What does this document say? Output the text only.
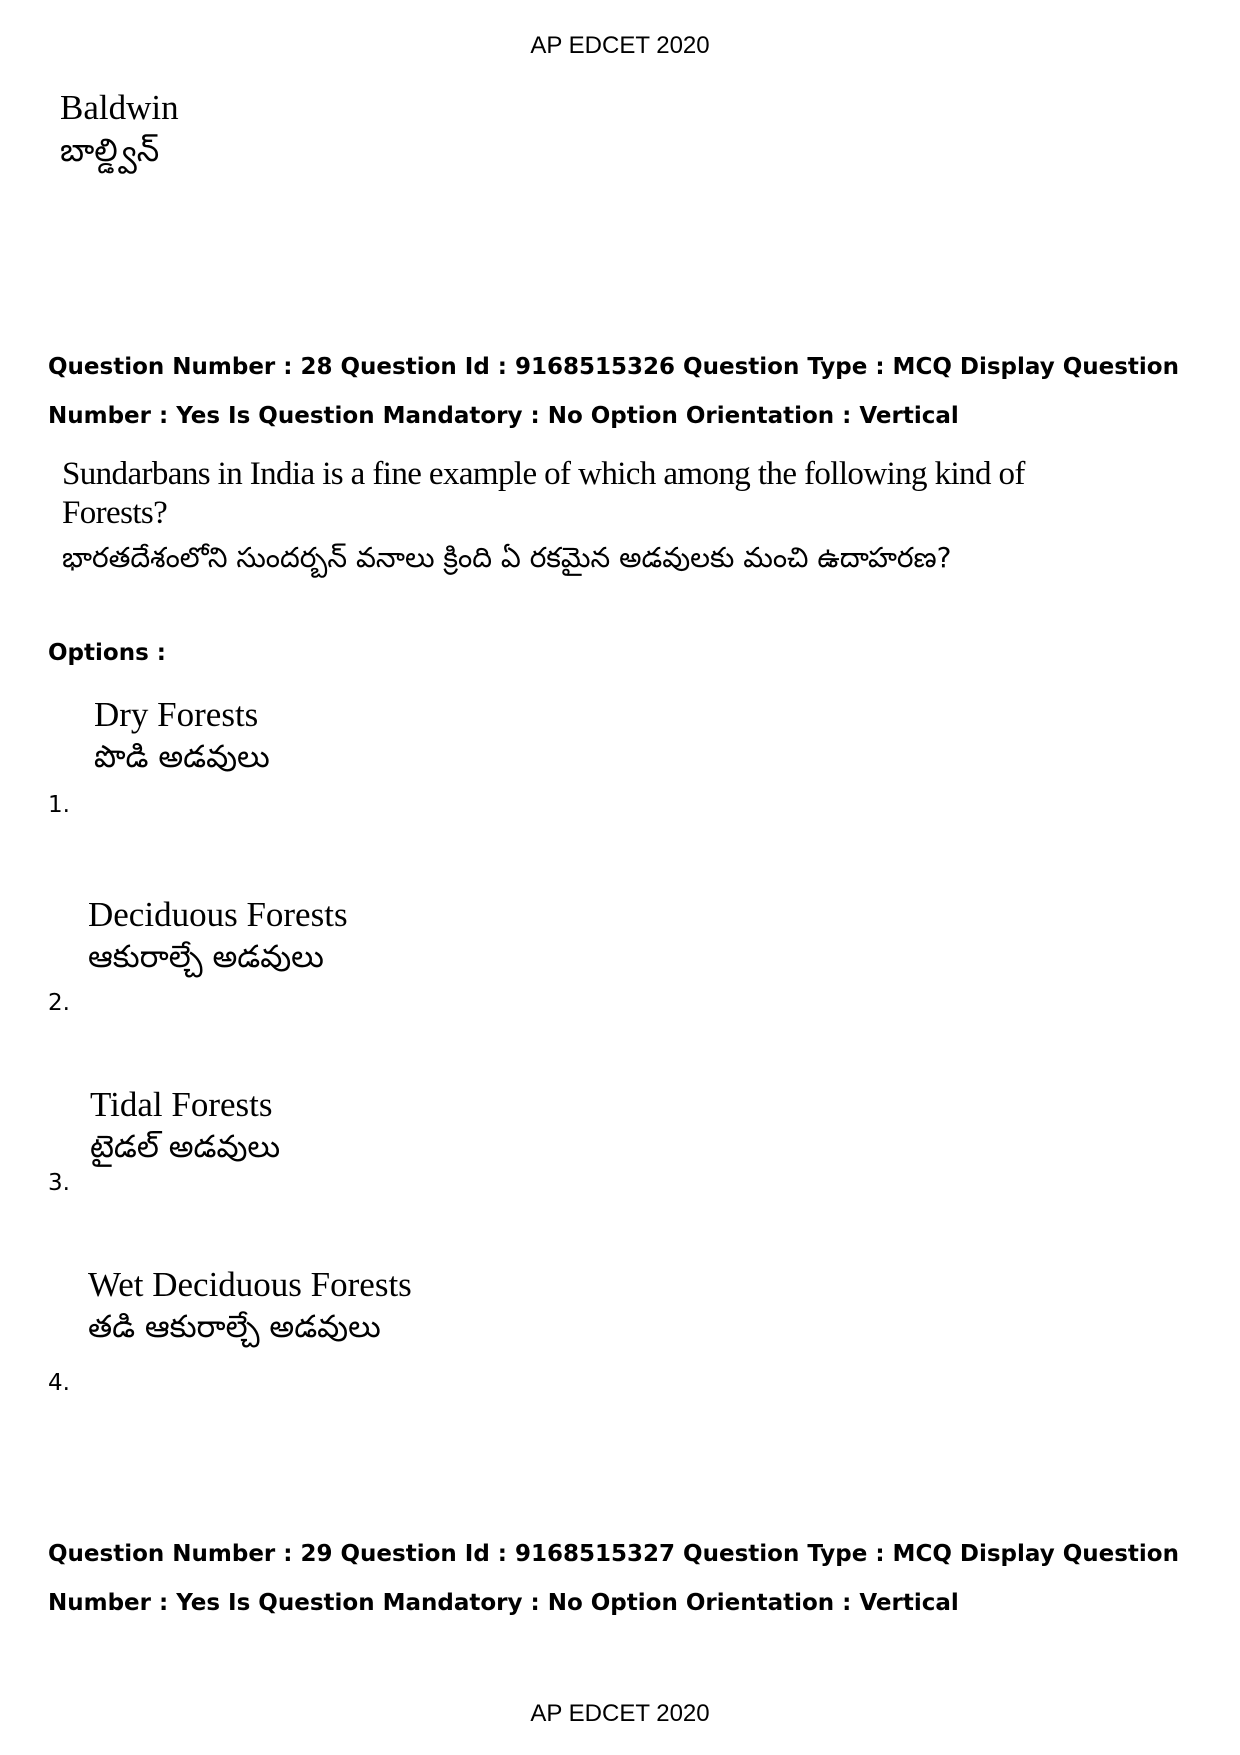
AP EDCET 2020
Baldwin
బాల్డ్విన్
Question Number : 28 Question Id : 9168515326 Question Type : MCQ Display Question
Number : Yes Is Question Mandatory : No Option Orientation : Vertical
Sundarbans in India is a fine example of which among the following kind of
Forests?
భారతదేశంలోని సుందర్బన్ వనాలు క్రింది ఏ రకమైన అడవులకు మంచి ఉదాహరణ?
Options :
Dry Forests
పొడి అడవులు
1.
Deciduous Forests
ఆకురాల్చే అడవులు
2.
Tidal Forests
టైడల్ అడవులు
3.
Wet Deciduous Forests
తడి ఆకురాల్చే అడవులు
4.
Question Number : 29 Question Id : 9168515327 Question Type : MCQ Display Question
Number : Yes Is Question Mandatory : No Option Orientation : Vertical
AP EDCET 2020
